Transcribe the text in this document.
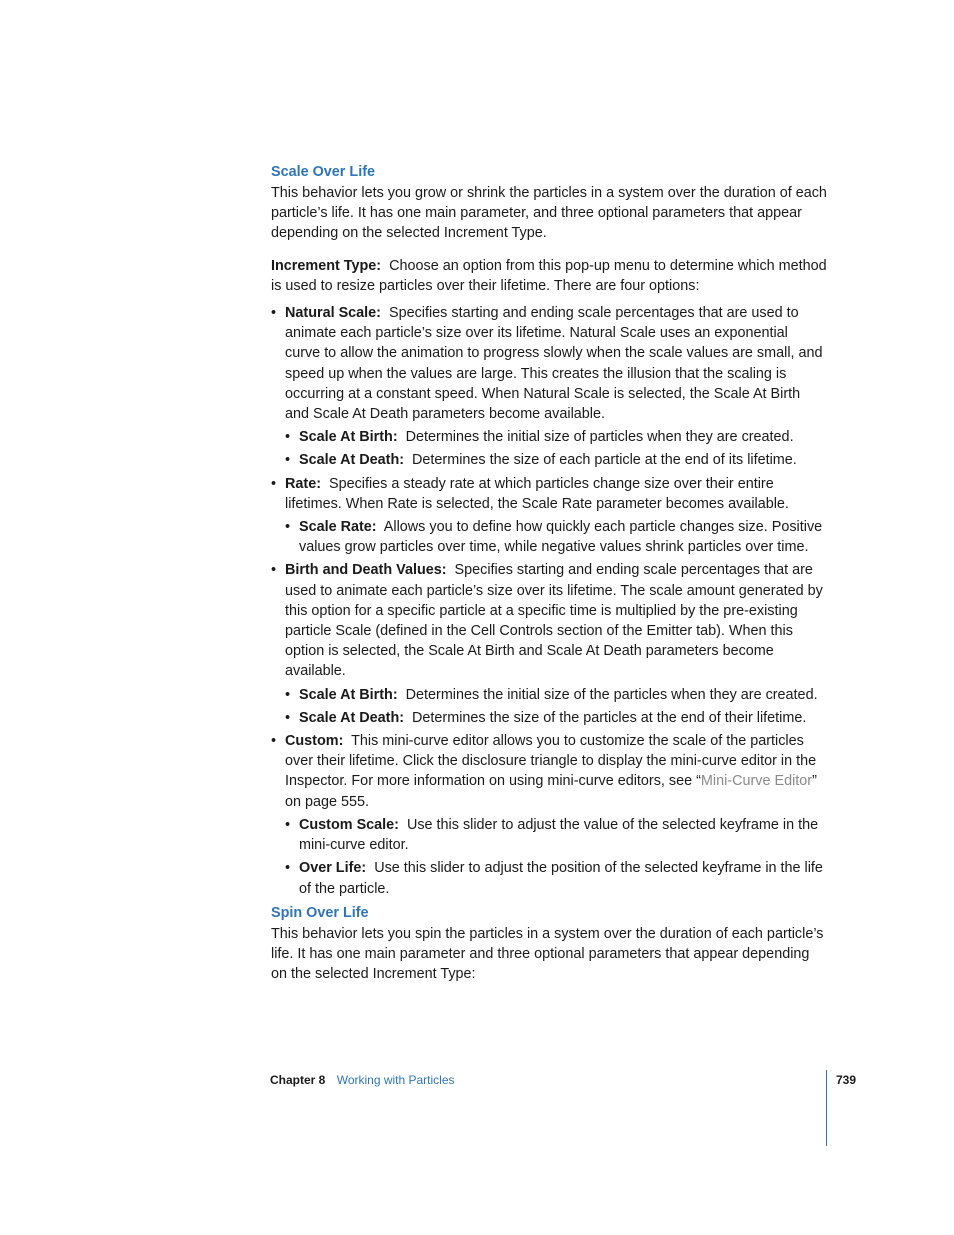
Scale Over Life

This behavior lets you grow or shrink the particles in a system over the duration of each particle’s life. It has one main parameter, and three optional parameters that appear depending on the selected Increment Type.

Increment Type: Choose an option from this pop-up menu to determine which method is used to resize particles over their lifetime. There are four options:

• Natural Scale: Specifies starting and ending scale percentages that are used to animate each particle’s size over its lifetime. Natural Scale uses an exponential curve to allow the animation to progress slowly when the scale values are small, and speed up when the values are large. This creates the illusion that the scaling is occurring at a constant speed. When Natural Scale is selected, the Scale At Birth and Scale At Death parameters become available.
• Scale At Birth: Determines the initial size of particles when they are created.
• Scale At Death: Determines the size of each particle at the end of its lifetime.
• Rate: Specifies a steady rate at which particles change size over their entire lifetimes. When Rate is selected, the Scale Rate parameter becomes available.
• Scale Rate: Allows you to define how quickly each particle changes size. Positive values grow particles over time, while negative values shrink particles over time.
• Birth and Death Values: Specifies starting and ending scale percentages that are used to animate each particle’s size over its lifetime. The scale amount generated by this option for a specific particle at a specific time is multiplied by the pre-existing particle Scale (defined in the Cell Controls section of the Emitter tab). When this option is selected, the Scale At Birth and Scale At Death parameters become available.
• Scale At Birth: Determines the initial size of the particles when they are created.
• Scale At Death: Determines the size of the particles at the end of their lifetime.
• Custom: This mini-curve editor allows you to customize the scale of the particles over their lifetime. Click the disclosure triangle to display the mini-curve editor in the Inspector. For more information on using mini-curve editors, see “Mini-Curve Editor” on page 555.
• Custom Scale: Use this slider to adjust the value of the selected keyframe in the mini-curve editor.
• Over Life: Use this slider to adjust the position of the selected keyframe in the life of the particle.
Spin Over Life

This behavior lets you spin the particles in a system over the duration of each particle’s life. It has one main parameter and three optional parameters that appear depending on the selected Increment Type:

Chapter 8 Working with Particles	739
